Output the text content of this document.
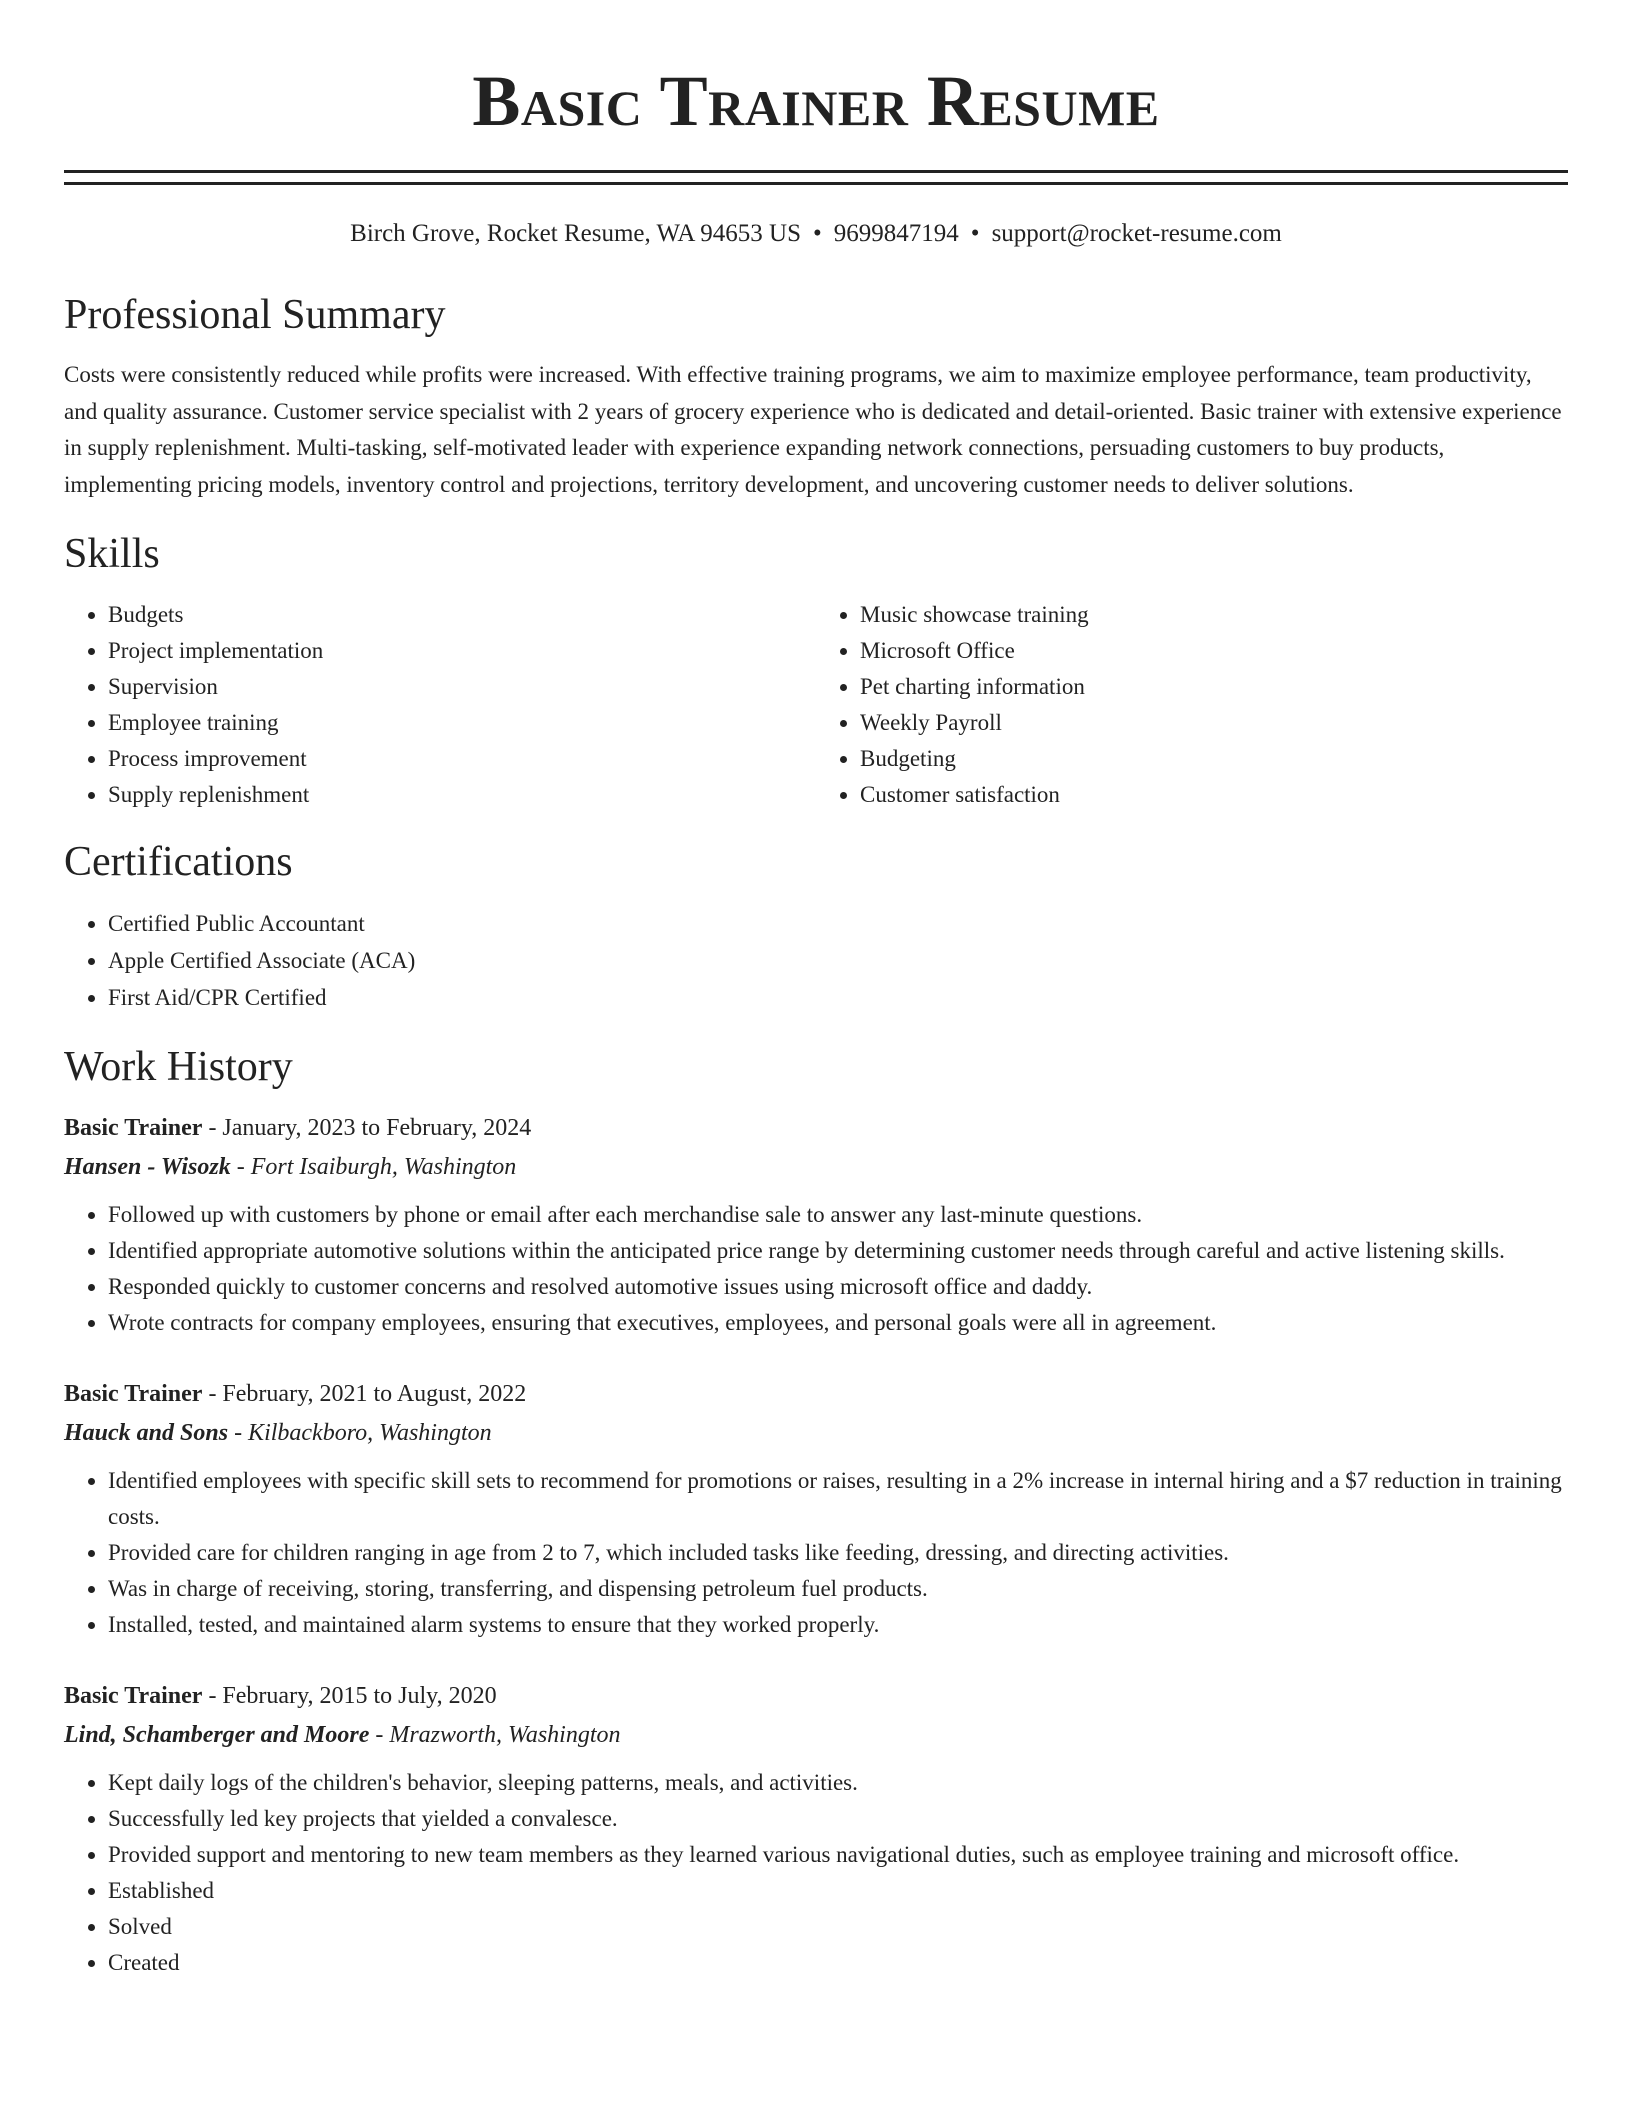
Basic Trainer Resume
Birch Grove, Rocket Resume, WA 94653 US • 9699847194 • support@rocket-resume.com
Professional Summary

Costs were consistently reduced while profits were increased. With effective training programs, we aim to maximize employee performance, team productivity, and quality assurance. Customer service specialist with 2 years of grocery experience who is dedicated and detail-oriented. Basic trainer with extensive experience in supply replenishment. Multi-tasking, self-motivated leader with experience expanding network connections, persuading customers to buy products, implementing pricing models, inventory control and projections, territory development, and uncovering customer needs to deliver solutions.

Skills
• Budgets
• Project implementation
• Supervision
• Employee training
• Process improvement
• Supply replenishment
• Music showcase training
• Microsoft Office
• Pet charting information
• Weekly Payroll
• Budgeting
• Customer satisfaction
Certifications
• Certified Public Accountant
• Apple Certified Associate (ACA)
• First Aid/CPR Certified
Work History
Basic Trainer - January, 2023 to February, 2024
Hansen - Wisozk - Fort Isaiburgh, Washington
• Followed up with customers by phone or email after each merchandise sale to answer any last-minute questions.
• Identified appropriate automotive solutions within the anticipated price range by determining customer needs through careful and active listening skills.
• Responded quickly to customer concerns and resolved automotive issues using microsoft office and daddy.
• Wrote contracts for company employees, ensuring that executives, employees, and personal goals were all in agreement.
Basic Trainer - February, 2021 to August, 2022
Hauck and Sons - Kilbackboro, Washington
• Identified employees with specific skill sets to recommend for promotions or raises, resulting in a 2% increase in internal hiring and a $7 reduction in training costs.
• Provided care for children ranging in age from 2 to 7, which included tasks like feeding, dressing, and directing activities.
• Was in charge of receiving, storing, transferring, and dispensing petroleum fuel products.
• Installed, tested, and maintained alarm systems to ensure that they worked properly.
Basic Trainer - February, 2015 to July, 2020
Lind, Schamberger and Moore - Mrazworth, Washington
• Kept daily logs of the children's behavior, sleeping patterns, meals, and activities.
• Successfully led key projects that yielded a convalesce.
• Provided support and mentoring to new team members as they learned various navigational duties, such as employee training and microsoft office.
• Established
• Solved
• Created
